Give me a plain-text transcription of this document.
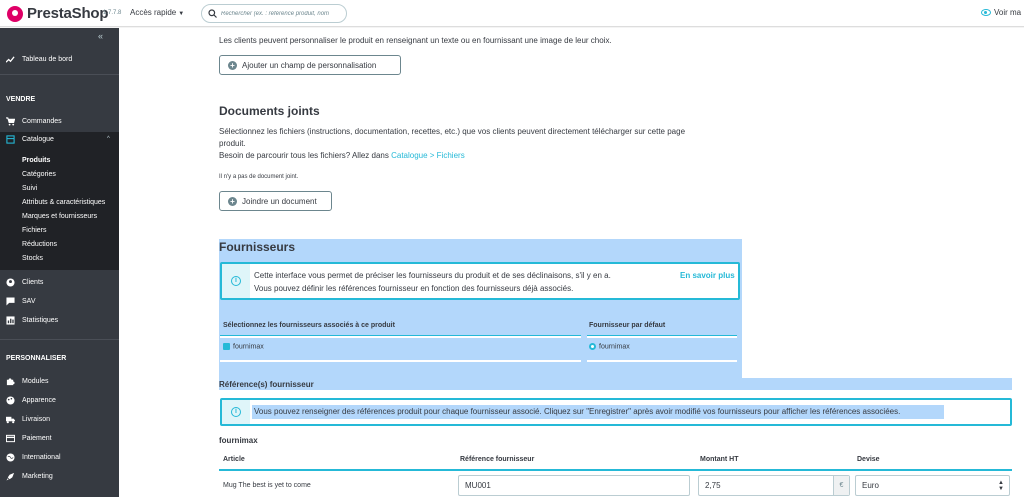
PrestaShop
1.7.7.8 Accès rapide ▼	Rechercher (ex. : référence produit, nom	Voir ma
«
Tableau de bord
VENDRE
Commandes
Catalogue	^
Produits
Catégories
Suivi
Attributs & caractéristiques
Marques et fournisseurs
Fichiers
Réductions
Stocks
Clients
SAV
Statistiques
PERSONNALISER
Modules
Apparence
Livraison
Paiement
International
Marketing
Les clients peuvent personnaliser le produit en renseignant un texte ou en fournissant une image de leur choix.
+ Ajouter un champ de personnalisation
Documents joints
Sélectionnez les fichiers (instructions, documentation, recettes, etc.) que vos clients peuvent directement télécharger sur cette page
produit.
Besoin de parcourir tous les fichiers? Allez dans Catalogue > Fichiers
Il n'y a pas de document joint.
+ Joindre un document
Fournisseurs
i
Cette interface vous permet de préciser les fournisseurs du produit et de ses déclinaisons, s'il y en a.
Vous pouvez définir les références fournisseur en fonction des fournisseurs déjà associés.
En savoir plus
Sélectionnez les fournisseurs associés à ce produit	Fournisseur par défaut
fournimax	fournimax
Référence(s) fournisseur
i	Vous pouvez renseigner des références produit pour chaque fournisseur associé. Cliquez sur "Enregistrer" après avoir modifié vos fournisseurs pour afficher les références associées.
fournimax
Article	Référence fournisseur	Montant HT	Devise
Mug The best is yet to come	MU001	2,75	€	Euro	▲
▼
